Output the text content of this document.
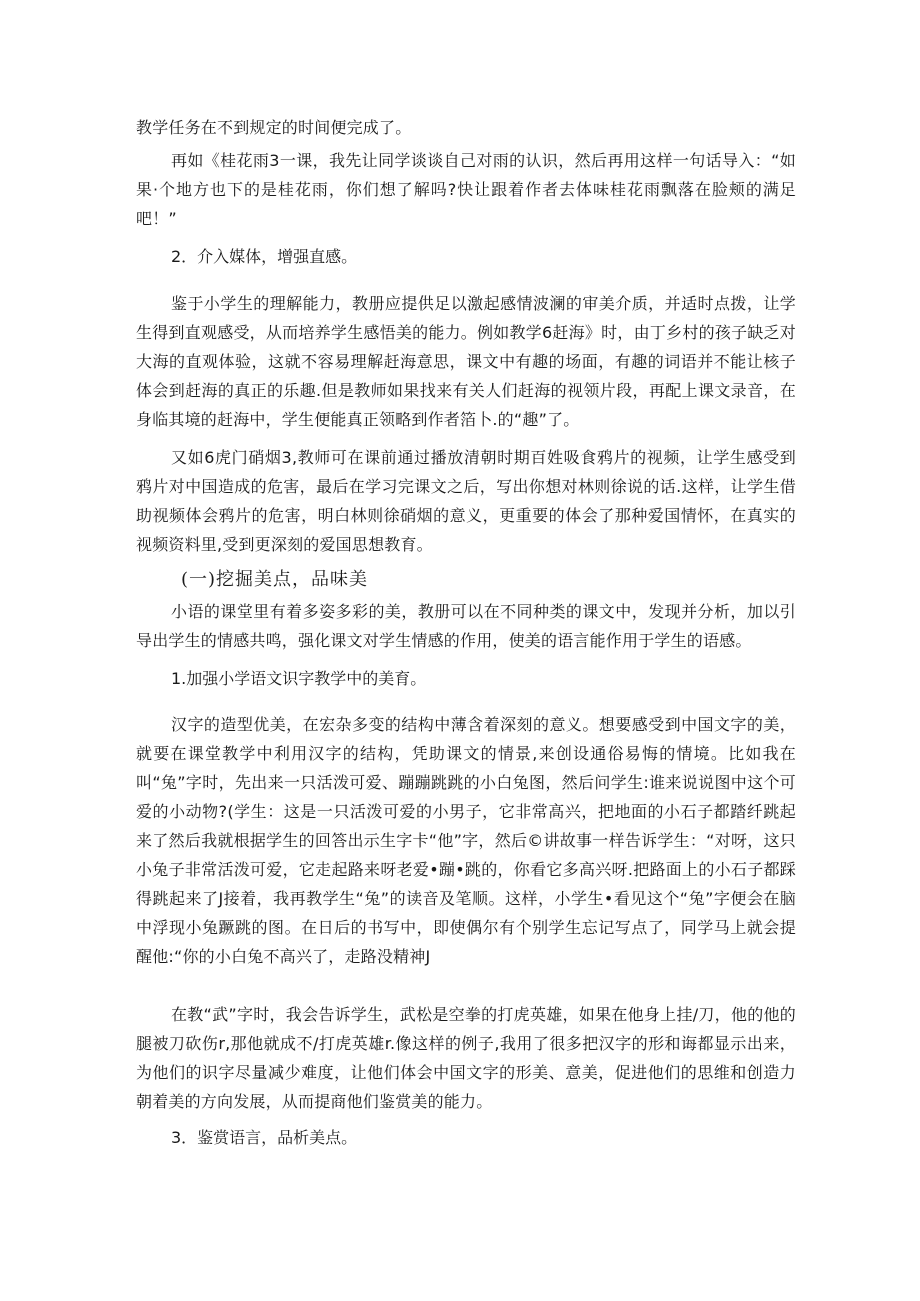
教学任务在不到规定的时间便完成了。

再如《桂花雨3一课，我先让同学谈谈自己对雨的认识，然后再用这样一句话导入：“如果·个地方也下的是桂花雨，你们想了解吗?快让跟着作者去体味桂花雨飘落在脸颊的满足吧！”

2．介入媒体，增强直感。

鉴于小学生的理解能力，教册应提供足以激起感情波澜的审美介质，并适时点拨，让学生得到直观感受，从而培养学生感悟美的能力。例如教学6赶海》时，由丁乡村的孩子缺乏对大海的直观体验，这就不容易理解赶海意思，课文中有趣的场面，有趣的词语并不能让核子体会到赶海的真正的乐趣.但是教师如果找来有关人们赶海的视领片段，再配上课文录音，在身临其境的赶海中，学生便能真正领略到作者箔卜.的“趣”了。

又如6虎门硝烟3,教师可在课前通过播放清朝时期百姓吸食鸦片的视频，让学生感受到鸦片对中国造成的危害，最后在学习完课文之后，写出你想对林则徐说的话.这样，让学生借助视频体会鸦片的危害，明白林则徐硝烟的意义，更重要的体会了那种爱国情怀，在真实的视频资料里,受到更深刻的爱国思想教育。

(一)挖掘美点，品味美

小语的课堂里有着多姿多彩的美，教册可以在不同种类的课文中，发现并分析，加以引导出学生的情感共鸣，强化课文对学生情感的作用，使美的语言能作用于学生的语感。

1.加强小学语文识字教学中的美育。

汉字的造型优美，在宏杂多变的结构中薄含着深刻的意义。想要感受到中国文字的美，就要在课堂教学中利用汉字的结构，凭助课文的情景,来创设通俗易悔的情境。比如我在叫“兔”字时，先出来一只活泼可爱、蹦蹦跳跳的小白兔图，然后问学生:谁来说说图中这个可爱的小动物?(学生：这是一只活泼可爱的小男子，它非常高兴，把地面的小石子都踏纤跳起来了然后我就根据学生的回答出示生字卡“他”字，然后©讲故事一样告诉学生：“对呀，这只小兔子非常活泼可爱，它走起路来呀老爱•蹦•跳的，你看它多高兴呀.把路面上的小石子都踩得跳起来了J接着，我再教学生“兔”的读音及笔顺。这样，小学生•看见这个“兔”字便会在脑中浮现小兔蹶跳的图。在日后的书写中，即使偶尔有个别学生忘记写点了，同学马上就会提醒他:“你的小白兔不高兴了，走路没精神J

在教“武”字时，我会告诉学生，武松是空拳的打虎英雄，如果在他身上挂/刀，他的他的腿被刀砍伤r,那他就成不/打虎英雄r.像这样的例子,我用了很多把汉字的形和诲都显示出来，为他们的识字尽量减少难度，让他们体会中国文字的形美、意美，促进他们的思维和创造力朝着美的方向发展，从而提商他们鉴赏美的能力。

3．鉴赏语言，品析美点。
